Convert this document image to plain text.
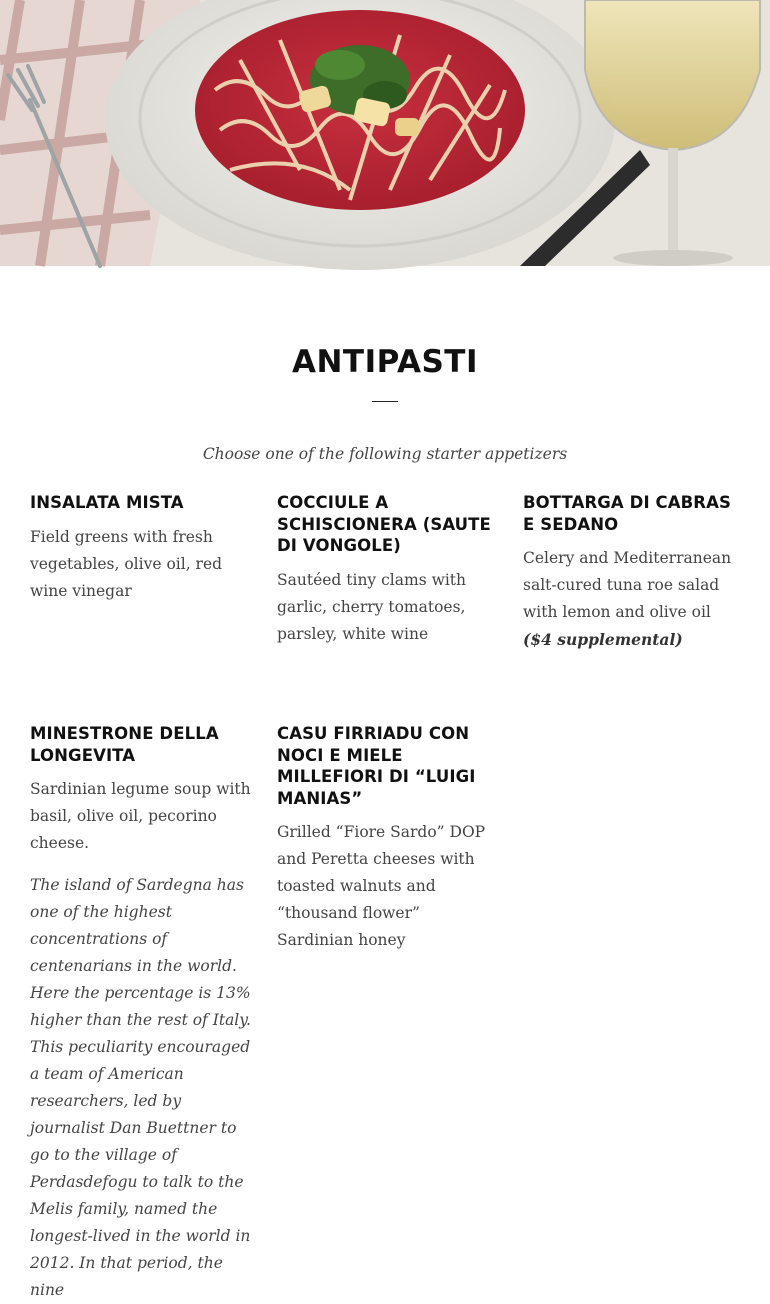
ANTIPASTI

Choose one of the following starter appetizers

INSALATA MISTA

Field greens with fresh vegetables, olive oil, red wine vinegar

COCCIULE A SCHISCIONERA (SAUTE DI VONGOLE)

Sautéed tiny clams with garlic, cherry tomatoes, parsley, white wine

BOTTARGA DI CABRAS E SEDANO

Celery and Mediterranean salt-cured tuna roe salad with lemon and olive oil  ($4 supplemental)

MINESTRONE DELLA LONGEVITA

Sardinian legume soup with basil, olive oil, pecorino cheese.

The island of Sardegna has one of the highest concentrations of centenarians in the world. Here the percentage is 13% higher than the rest of Italy. This peculiarity encouraged a team of American researchers, led by journalist Dan Buettner to go to the village of Perdasdefogu to talk to the Melis family, named the longest-lived in the world in 2012. In that period, the nine

CASU FIRRIADU CON NOCI E MIELE MILLEFIORI DI “LUIGI MANIAS”

Grilled “Fiore Sardo” DOP and Peretta cheeses with toasted walnuts and “thousand flower” Sardinian honey
